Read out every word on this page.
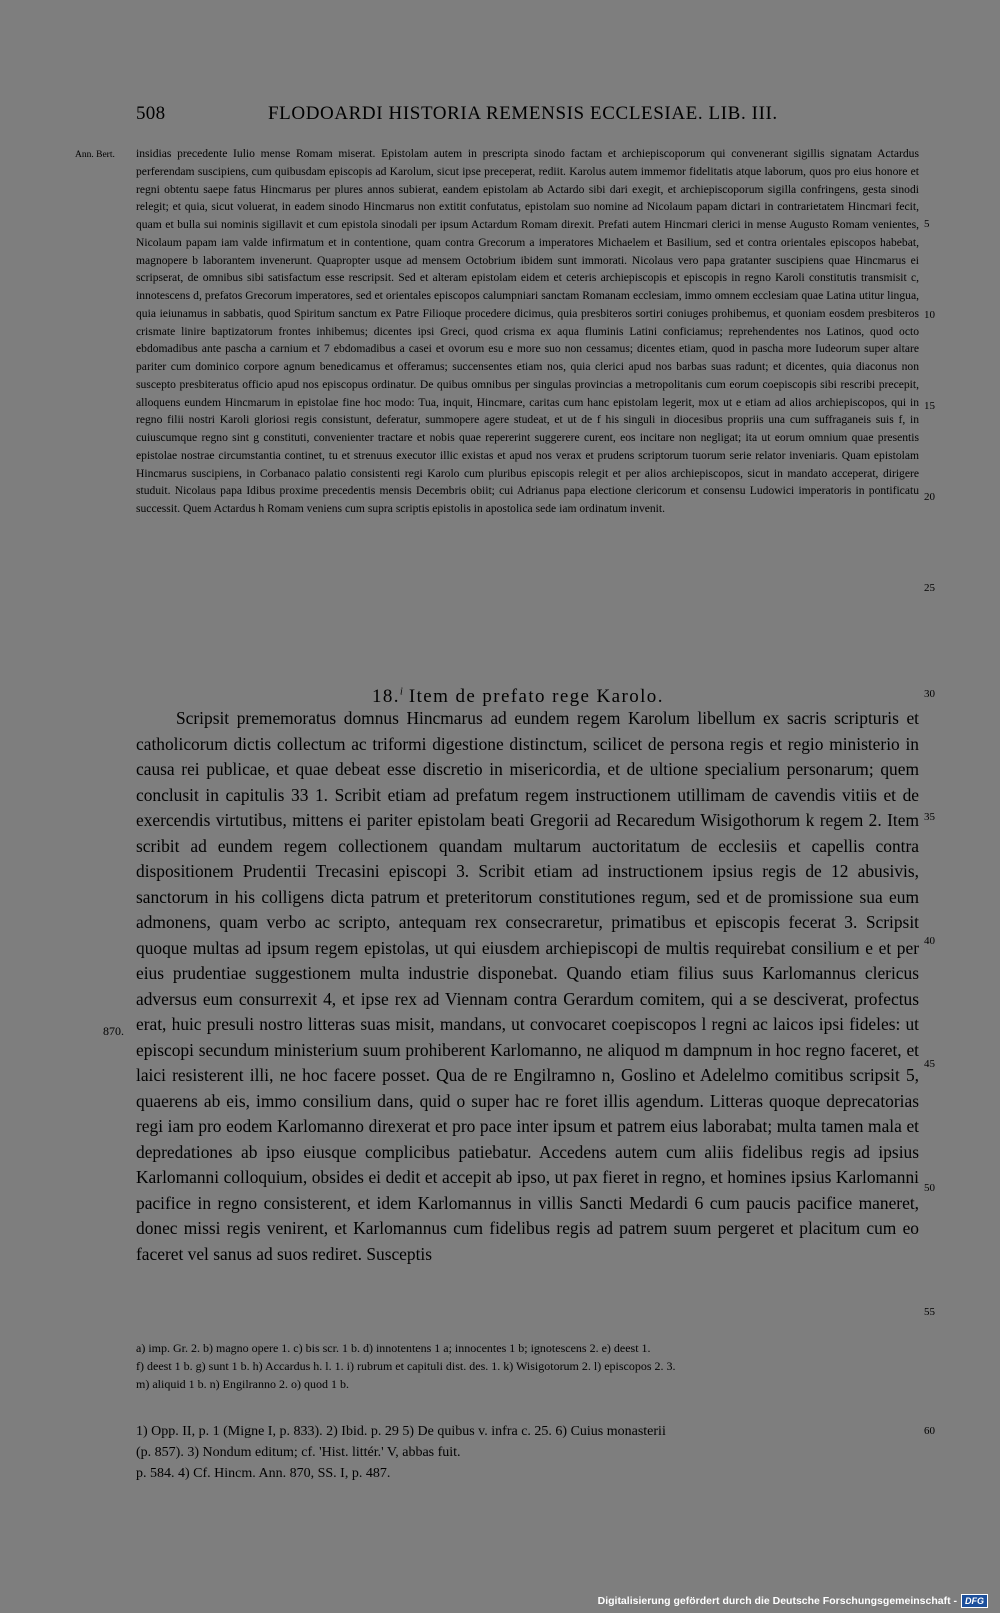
508	FLODOARDI HISTORIA REMENSIS ECCLESIAE. LIB. III.
Ann. Bert.
870.
5
10
15
20
25
30
35
40
45
50
55
60

insidias precedente Iulio mense Romam miserat. Epistolam autem in prescripta sinodo factam et archiepiscoporum qui convenerant sigillis signatam Actardus perferendam suscipiens, cum quibusdam episcopis ad Karolum, sicut ipse preceperat, rediit. Karolus autem immemor fidelitatis atque laborum, quos pro eius honore et regni obtentu saepe fatus Hincmarus per plures annos subierat, eandem epistolam ab Actardo sibi dari exegit, et archiepiscoporum sigilla confringens, gesta sinodi relegit; et quia, sicut voluerat, in eadem sinodo Hincmarus non extitit confutatus, epistolam suo nomine ad Nicolaum papam dictari in contrarietatem Hincmari fecit, quam et bulla sui nominis sigillavit et cum epistola sinodali per ipsum Actardum Romam direxit. Prefati autem Hincmari clerici in mense Augusto Romam venientes, Nicolaum papam iam valde infirmatum et in contentione, quam contra Grecorum a imperatores Michaelem et Basilium, sed et contra orientales episcopos habebat, magnopere b laborantem invenerunt. Quapropter usque ad mensem Octobrium ibidem sunt immorati. Nicolaus vero papa gratanter suscipiens quae Hincmarus ei scripserat, de omnibus sibi satisfactum esse rescripsit. Sed et alteram epistolam eidem et ceteris archiepiscopis et episcopis in regno Karoli constitutis transmisit c, innotescens d, prefatos Grecorum imperatores, sed et orientales episcopos calumpniari sanctam Romanam ecclesiam, immo omnem ecclesiam quae Latina utitur lingua, quia ieiunamus in sabbatis, quod Spiritum sanctum ex Patre Filioque procedere dicimus, quia presbiteros sortiri coniuges prohibemus, et quoniam eosdem presbiteros crismate linire baptizatorum frontes inhibemus; dicentes ipsi Greci, quod crisma ex aqua fluminis Latini conficiamus; reprehendentes nos Latinos, quod octo ebdomadibus ante pascha a carnium et 7 ebdomadibus a casei et ovorum esu e more suo non cessamus; dicentes etiam, quod in pascha more Iudeorum super altare pariter cum dominico corpore agnum benedicamus et offeramus; succensentes etiam nos, quia clerici apud nos barbas suas radunt; et dicentes, quia diaconus non suscepto presbiteratus officio apud nos episcopus ordinatur. De quibus omnibus per singulas provincias a metropolitanis cum eorum coepiscopis sibi rescribi precepit, alloquens eundem Hincmarum in epistolae fine hoc modo: Tua, inquit, Hincmare, caritas cum hanc epistolam legerit, mox ut e etiam ad alios archiepiscopos, qui in regno filii nostri Karoli gloriosi regis consistunt, deferatur, summopere agere studeat, et ut de f his singuli in diocesibus propriis una cum suffraganeis suis f, in cuiuscumque regno sint g constituti, convenienter tractare et nobis quae repererint suggerere curent, eos incitare non negligat; ita ut eorum omnium quae presentis epistolae nostrae circumstantia continet, tu et strenuus executor illic existas et apud nos verax et prudens scriptorum tuorum serie relator inveniaris. Quam epistolam Hincmarus suscipiens, in Corbanaco palatio consistenti regi Karolo cum pluribus episcopis relegit et per alios archiepiscopos, sicut in mandato acceperat, dirigere studuit. Nicolaus papa Idibus proxime precedentis mensis Decembris obiit; cui Adrianus papa electione clericorum et consensu Ludowici imperatoris in pontificatu successit. Quem Actardus h Romam veniens cum supra scriptis epistolis in apostolica sede iam ordinatum invenit.

18.$^i$ Item de prefato rege Karolo.

Scripsit prememoratus domnus Hincmarus ad eundem regem Karolum libellum ex sacris scripturis et catholicorum dictis collectum ac triformi digestione distinctum, scilicet de persona regis et regio ministerio in causa rei publicae, et quae debeat esse discretio in misericordia, et de ultione specialium personarum; quem conclusit in capitulis 33 1. Scribit etiam ad prefatum regem instructionem utillimam de cavendis vitiis et de exercendis virtutibus, mittens ei pariter epistolam beati Gregorii ad Recaredum Wisigothorum k regem 2. Item scribit ad eundem regem collectionem quandam multarum auctoritatum de ecclesiis et capellis contra dispositionem Prudentii Trecasini episcopi 3. Scribit etiam ad instructionem ipsius regis de 12 abusivis, sanctorum in his colligens dicta patrum et preteritorum constitutiones regum, sed et de promissione sua eum admonens, quam verbo ac scripto, antequam rex consecraretur, primatibus et episcopis fecerat 3. Scripsit quoque multas ad ipsum regem epistolas, ut qui eiusdem archiepiscopi de multis requirebat consilium e et per eius prudentiae suggestionem multa industrie disponebat. Quando etiam filius suus Karlomannus clericus adversus eum consurrexit 4, et ipse rex ad Viennam contra Gerardum comitem, qui a se desciverat, profectus erat, huic presuli nostro litteras suas misit, mandans, ut convocaret coepiscopos l regni ac laicos ipsi fideles: ut episcopi secundum ministerium suum prohiberent Karlomanno, ne aliquod m dampnum in hoc regno faceret, et laici resisterent illi, ne hoc facere posset. Qua de re Engilramno n, Goslino et Adelelmo comitibus scripsit 5, quaerens ab eis, immo consilium dans, quid o super hac re foret illis agendum. Litteras quoque deprecatorias regi iam pro eodem Karlomanno direxerat et pro pace inter ipsum et patrem eius laborabat; multa tamen mala et depredationes ab ipso eiusque complicibus patiebatur. Accedens autem cum aliis fidelibus regis ad ipsius Karlomanni colloquium, obsides ei dedit et accepit ab ipso, ut pax fieret in regno, et homines ipsius Karlomanni pacifice in regno consisterent, et idem Karlomannus in villis Sancti Medardi 6 cum paucis pacifice maneret, donec missi regis venirent, et Karlomannus cum fidelibus regis ad patrem suum pergeret et placitum cum eo faceret vel sanus ad suos rediret. Susceptis

a) imp. Gr. 2. b) magno opere 1. c) bis scr. 1 b. d) innotentens 1 a; innocentes 1 b; ignotescens 2. e) deest 1.

f) deest 1 b. g) sunt 1 b. h) Accardus h. l. 1. i) rubrum et capituli dist. des. 1. k) Wisigotorum 2. l) episcopos 2. 3.

m) aliquid 1 b. n) Engilranno 2. o) quod 1 b.

1) Opp. II, p. 1 (Migne I, p. 833). 2) Ibid. p. 29 5) De quibus v. infra c. 25. 6) Cuius monasterii

(p. 857). 3) Nondum editum; cf. 'Hist. littér.' V, abbas fuit.

p. 584. 4) Cf. Hincm. Ann. 870, SS. I, p. 487.

Digitalisierung gefördert durch die Deutsche Forschungsgemeinschaft - DFG
